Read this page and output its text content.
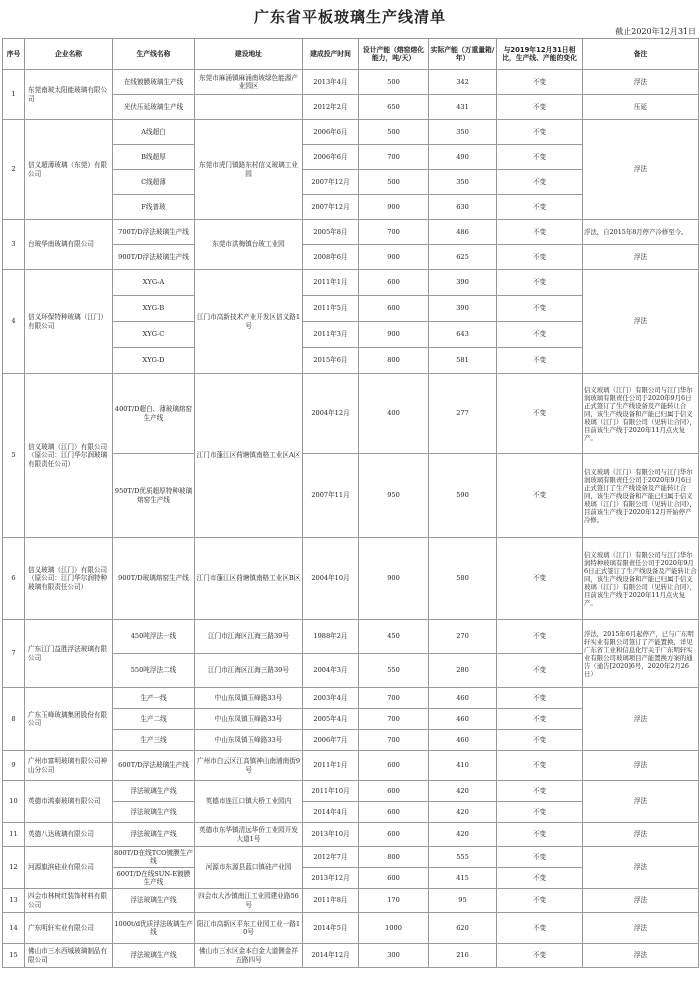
广东省平板玻璃生产线清单
截止2020年12月31日
序号	企业名称	生产线名称	建设地址	建成投产时间	设计产能（熔窑熔化能力，吨/天）	实际产能（万重量箱/年）	与2019年12月31日相比，生产线、产能的变化	备注
1	东莞南玻太阳能玻璃有限公司	在线镀膜玻璃生产线	东莞市麻涌镇麻涌南坡绿色能源产业园区	2013年4月	500	342	不变	浮法
		光伏压延玻璃生产线		2012年2月	650	431	不变	压延
2	信义超薄玻璃（东莞）有限公司	A线超白	东莞市虎门镇路东村信义玻璃工业园	2006年6月	500	350	不变	浮法
		B线超厚		2006年6月	700	490	不变	
		C线超薄		2007年12月	500	350	不变	
		F线普玻		2007年12月	900	630	不变	
3	台玻华南玻璃有限公司	700T/D浮法玻璃生产线	东莞市洪梅镇台玻工业园	2005年8月	700	486	不变	浮法，自2015年8月停产冷修至今。
		900T/D浮法玻璃生产线		2008年6月	900	625	不变	浮法
4	信义环保特种玻璃（江门）有限公司	XYG-A	江门市高新技术产业开发区信义路1号	2011年1月	600	390	不变	浮法
		XYG-B		2011年5月	600	390	不变	
		XYG-C		2011年3月	900	643	不变	
		XYG-D		2015年6月	800	581	不变	
5	信义玻璃（江门）有限公司（原公司：江门华尔润玻璃有限责任公司）	400T/D超白、薄玻璃熔窑生产线	江门市蓬江区荷塘镇南格工业区A区	2004年12月	400	277	不变	信义玻璃（江门）有限公司与江门华尔润玻璃有限责任公司于2020年9月6日正式签订了生产线设备及产能转让合同，该生产线设备和产能已归属于信义玻璃（江门）有限公司（见转让合同），目前该生产线于2020年11月点火复产。
		950T/D优质超厚特种玻璃熔窑生产线		2007年11月	950	590	不变	信义玻璃（江门）有限公司与江门华尔润玻璃有限责任公司于2020年9月6日正式签订了生产线设备及产能转让合同，该生产线设备和产能已归属于信义玻璃（江门）有限公司（见转让合同），目前该生产线于2020年12月开始停产冷修。
6	信义玻璃（江门）有限公司（原公司：江门华尔润特种玻璃有限责任公司）	900T/D玻璃熔窑生产线	江门市蓬江区荷塘镇南格工业区B区	2004年10月	900	580	不变	信义玻璃（江门）有限公司与江门华尔润特种玻璃有限责任公司于2020年9月6日正式签订了生产线设备及产能转让合同，该生产线设备和产能已归属于信义玻璃（江门）有限公司（见转让合同），目前该生产线于2020年11月点火复产。
7	广东江门益胜浮法玻璃有限公司	450吨浮法一线	江门市江海区江海三路39号	1988年2月	450	270	不变	浮法，2015年6月起停产，已与广东明轩实业有限公司签订了产能置换，详见广东省工业和信息化厅关于广东明轩实业有限公司玻璃项目产能置换方案的通告（通告[2020]6号，2020年2月26日）
		550吨浮法二线	江门市江海区江海三路39号	2004年3月	550	280	不变	
8	广东玉峰玻璃集团股份有限公司	生产一线	中山东凤镇玉峰路33号	2003年4月	700	460	不变	浮法
		生产二线	中山东凤镇玉峰路33号	2005年4月	700	460	不变	
		生产三线	中山东凤镇玉峰路33号	2006年7月	700	460	不变	
9	广州市富明玻璃有限公司神山分公司	600T/D浮法玻璃生产线	广州市白云区江高镇神山南浦南街9号	2011年1月	600	410	不变	浮法
10	英德市鸿泰玻璃有限公司	浮法玻璃生产线	英德市连江口镇大桥工业园内	2011年10月	600	420	不变	浮法
		浮法玻璃生产线		2014年4月	600	420	不变	
11	英德八达玻璃有限公司	浮法玻璃生产线	英德市东华镇清远华侨工业园开发大道1号	2013年10月	600	420	不变	浮法
12	河源旗滨硅业有限公司	800T/D在线TCO镀膜生产线	河源市东源县蓝口镇硅产业园	2012年7月	800	555	不变	浮法
		600T/D在线SUN-E镀膜生产线		2013年12月	600	415	不变	
13	四会市林树红装饰材料有限公司	浮法玻璃生产线	四会市大沙镇南江工业园建业路56号	2011年8月	170	95	不变	浮法
14	广东明轩实业有限公司	1000t/d优质浮法玻璃生产线	阳江市高新区平东工业园工业一路10号	2014年5月	1000	620	不变	浮法
15	佛山市三水西城玻璃制品有限公司	浮法玻璃生产线	佛山市三水区金本白金大道侧金祥五路四号	2014年12月	300	216	不变	浮法
